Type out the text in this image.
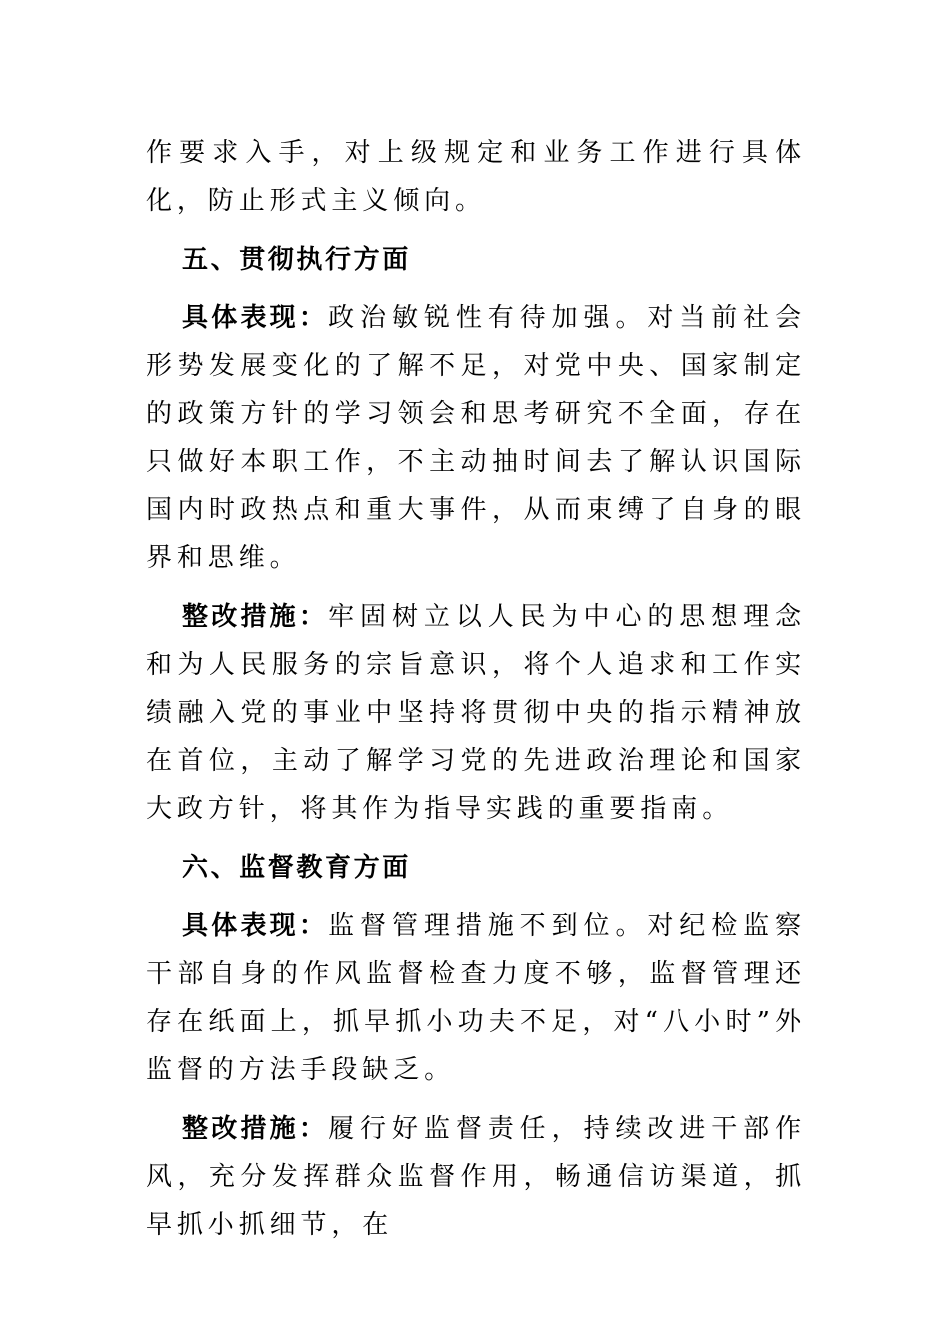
作要求入手，对上级规定和业务工作进行具体化，防止形式主义倾向。

五、贯彻执行方面

具体表现：政治敏锐性有待加强。对当前社会形势发展变化的了解不足，对党中央、国家制定的政策方针的学习领会和思考研究不全面，存在只做好本职工作，不主动抽时间去了解认识国际国内时政热点和重大事件，从而束缚了自身的眼界和思维。

整改措施：牢固树立以人民为中心的思想理念和为人民服务的宗旨意识，将个人追求和工作实绩融入党的事业中坚持将贯彻中央的指示精神放在首位，主动了解学习党的先进政治理论和国家大政方针，将其作为指导实践的重要指南。

六、监督教育方面

具体表现：监督管理措施不到位。对纪检监察干部自身的作风监督检查力度不够，监督管理还存在纸面上，抓早抓小功夫不足，对“八小时”外监督的方法手段缺乏。

整改措施：履行好监督责任，持续改进干部作风，充分发挥群众监督作用，畅通信访渠道，抓早抓小抓细节，在
